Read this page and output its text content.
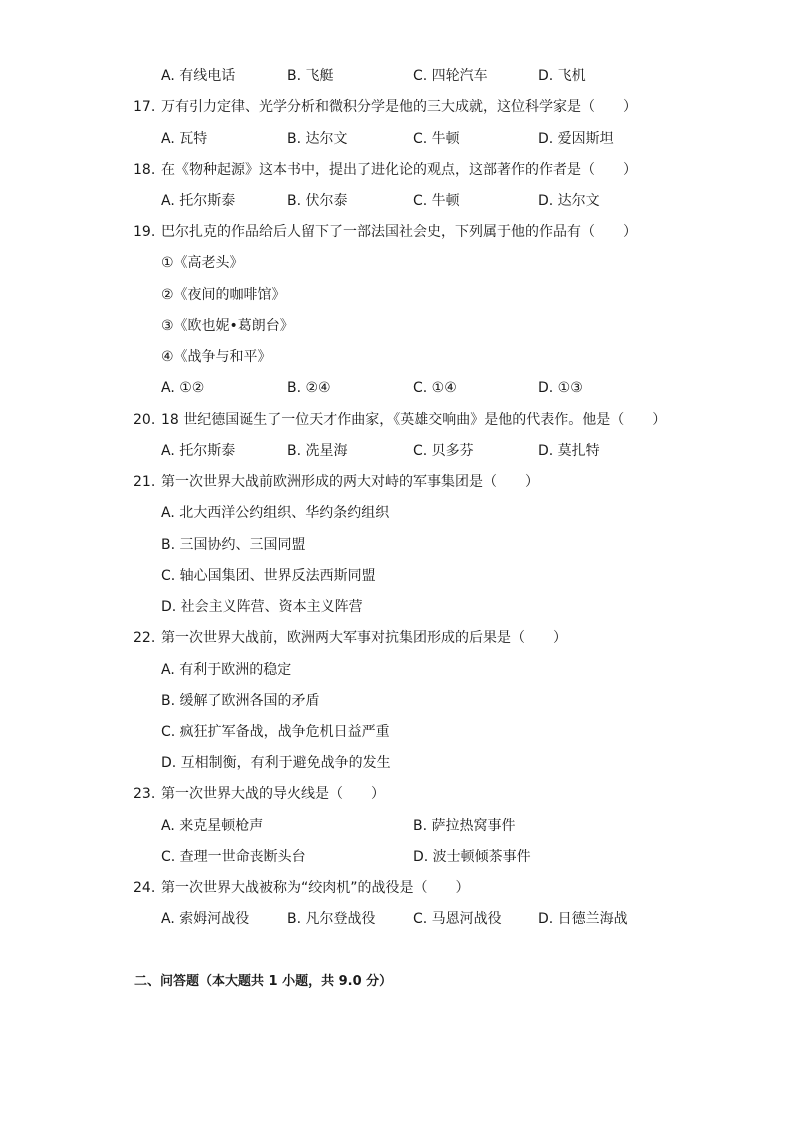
A. 有线电话	B. 飞艇	C. 四轮汽车	D. 飞机
17. 万有引力定律、光学分析和微积分学是他的三大成就，这位科学家是（　　）
A. 瓦特	B. 达尔文	C. 牛顿	D. 爱因斯坦
18. 在《物种起源》这本书中，提出了进化论的观点，这部著作的作者是（　　）
A. 托尔斯泰	B. 伏尔泰	C. 牛顿	D. 达尔文
19. 巴尔扎克的作品给后人留下了一部法国社会史，下列属于他的作品有（　　）
①《高老头》
②《夜间的咖啡馆》
③《欧也妮•葛朗台》
④《战争与和平》
A. ①②	B. ②④	C. ①④	D. ①③
20. 18 世纪德国诞生了一位天才作曲家，《英雄交响曲》是他的代表作。他是（　　）
A. 托尔斯泰	B. 冼星海	C. 贝多芬	D. 莫扎特
21. 第一次世界大战前欧洲形成的两大对峙的军事集团是（　　）
A. 北大西洋公约组织、华约条约组织
B. 三国协约、三国同盟
C. 轴心国集团、世界反法西斯同盟
D. 社会主义阵营、资本主义阵营
22. 第一次世界大战前，欧洲两大军事对抗集团形成的后果是（　　）
A. 有利于欧洲的稳定
B. 缓解了欧洲各国的矛盾
C. 疯狂扩军备战，战争危机日益严重
D. 互相制衡，有利于避免战争的发生
23. 第一次世界大战的导火线是（　　）
A. 来克星顿枪声	B. 萨拉热窝事件
C. 查理一世命丧断头台	D. 波士顿倾茶事件
24. 第一次世界大战被称为“绞肉机”的战役是（　　）
A. 索姆河战役	B. 凡尔登战役	C. 马恩河战役	D. 日德兰海战
二、问答题（本大题共 1 小题，共 9.0 分）
